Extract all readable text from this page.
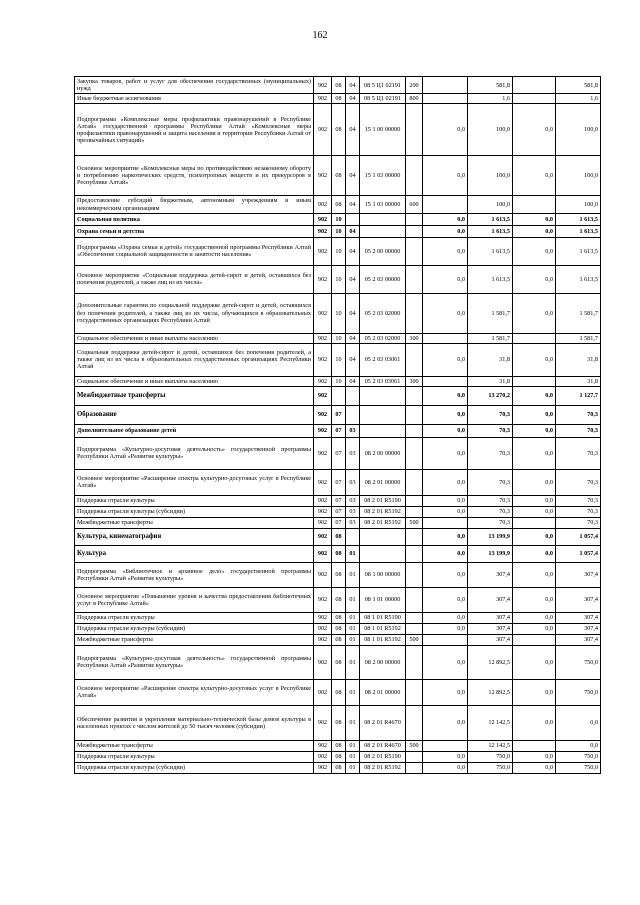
162
Закупка товаров, работ и услуг для обеспечения государственных (муниципальных) нужд	902	08	04	08 5 Ц1 02191	200		581,8		581,8
Иные бюджетные ассигнования	902	08	04	08 5 Ц1 02191	800		1,6		1,6
Подпрограмма «Комплексные меры профилактики правонарушений в Республике Алтай» государственной программы Республики Алтай «Комплексные меры профилактики правонарушений и защита населения и территории Республики Алтай от чрезвычайных ситуаций»	902	08	04	15 1 00 00000		0,0	100,0	0,0	100,0
Основное мероприятие «Комплексные меры по противодействию незаконному обороту и потреблению наркотических средств, психотропных веществ и их прекурсоров в Республике Алтай»	902	08	04	15 1 03 00000		0,0	100,0	0,0	100,0
Предоставление субсидий бюджетным, автономным учреждениям и иным некоммерческим организациям	902	08	04	15 1 03 00000	600		100,0		100,0
Социальная политика	902	10				0,0	1 613,5	0,0	1 613,5
Охрана семьи и детства	902	10	04			0,0	1 613,5	0,0	1 613,5
Подпрограмма «Охрана семьи и детей» государственной программы Республики Алтай «Обеспечение социальной защищенности и занятости населения»	902	10	04	05 2 00 00000		0,0	1 613,5	0,0	1 613,5
Основное мероприятие «Социальная поддержка детей-сирот и детей, оставшихся без попечения родителей, а также лиц из их числа»	902	10	04	05 2 03 00000		0,0	1 613,5	0,0	1 613,5
Дополнительные гарантии по социальной поддержке детей-сирот и детей, оставшихся без попечения родителей, а также лиц из их числа, обучающихся в образовательных государственных организациях Республики Алтай	902	10	04	05 2 03 02000		0,0	1 581,7	0,0	1 581,7
Социальное обеспечение и иные выплаты населению	902	10	04	05 2 03 02000	300		1 581,7		1 581,7
Социальная поддержка детей-сирот и детей, оставшихся без попечения родителей, а также лиц из их числа в образовательных государственных организациях Республики Алтай	902	10	04	05 2 03 03061		0,0	31,8	0,0	31,8
Социальное обеспечение и иные выплаты населению	902	10	04	05 2 03 03061	300		31,8		31,8
Межбюджетные трансферты	902					0,0	13 270,2	0,0	1 127,7
Образование	902	07				0,0	70,3	0,0	70,3
Дополнительное образование детей	902	07	03			0,0	70,3	0,0	70,3
Подпрограмма «Культурно-досуговая деятельность» государственной программы Республики Алтай «Развитие культуры»	902	07	03	08 2 00 00000		0,0	70,3	0,0	70,3
Основное мероприятие «Расширение спектра культурно-досуговых услуг в Республике Алтай»	902	07	03	08 2 01 00000		0,0	70,3	0,0	70,3
Поддержка отрасли культуры	902	07	03	08 2 01 R5190		0,0	70,3	0,0	70,3
Поддержка отрасли культуры (субсидии)	902	07	03	08 2 01 R5192		0,0	70,3	0,0	70,3
Межбюджетные трансферты	902	07	03	08 2 01 R5192	500		70,3		70,3
Культура, кинематография	902	08				0,0	13 199,9	0,0	1 057,4
Культура	902	08	01			0,0	13 199,9	0,0	1 057,4
Подпрограмма «Библиотечное и архивное дело» государственной программы Республики Алтай «Развитие культуры»	902	08	01	08 1 00 00000		0,0	307,4	0,0	307,4
Основное мероприятие «Повышение уровня и качества предоставления библиотечных услуг в Республике Алтай»	902	08	01	08 1 01 00000		0,0	307,4	0,0	307,4
Поддержка отрасли культуры	902	08	01	08 1 01 R5190		0,0	307,4	0,0	307,4
Поддержка отрасли культуры (субсидии)	902	08	01	08 1 01 R5192		0,0	307,4	0,0	307,4
Межбюджетные трансферты	902	08	01	08 1 01 R5192	500		307,4		307,4
Подпрограмма «Культурно-досуговая деятельность» государственной программы Республики Алтай «Развитие культуры»	902	08	01	08 2 00 00000		0,0	12 892,5	0,0	750,0
Основное мероприятие «Расширение спектра культурно-досуговых услуг в Республике Алтай»	902	08	01	08 2 01 00000		0,0	12 892,5	0,0	750,0
Обеспечение развития и укрепления материально-технической базы домов культуры в населенных пунктах с числом жителей до 50 тысяч человек (субсидии)	902	08	01	08 2 01 R4670		0,0	12 142,5	0,0	0,0
Межбюджетные трансферты	902	08	01	08 2 01 R4670	500		12 142,5		0,0
Поддержка отрасли культуры	902	08	01	08 2 01 R5190		0,0	750,0	0,0	750,0
Поддержка отрасли культуры (субсидии)	902	08	01	08 2 01 R5192		0,0	750,0	0,0	750,0
